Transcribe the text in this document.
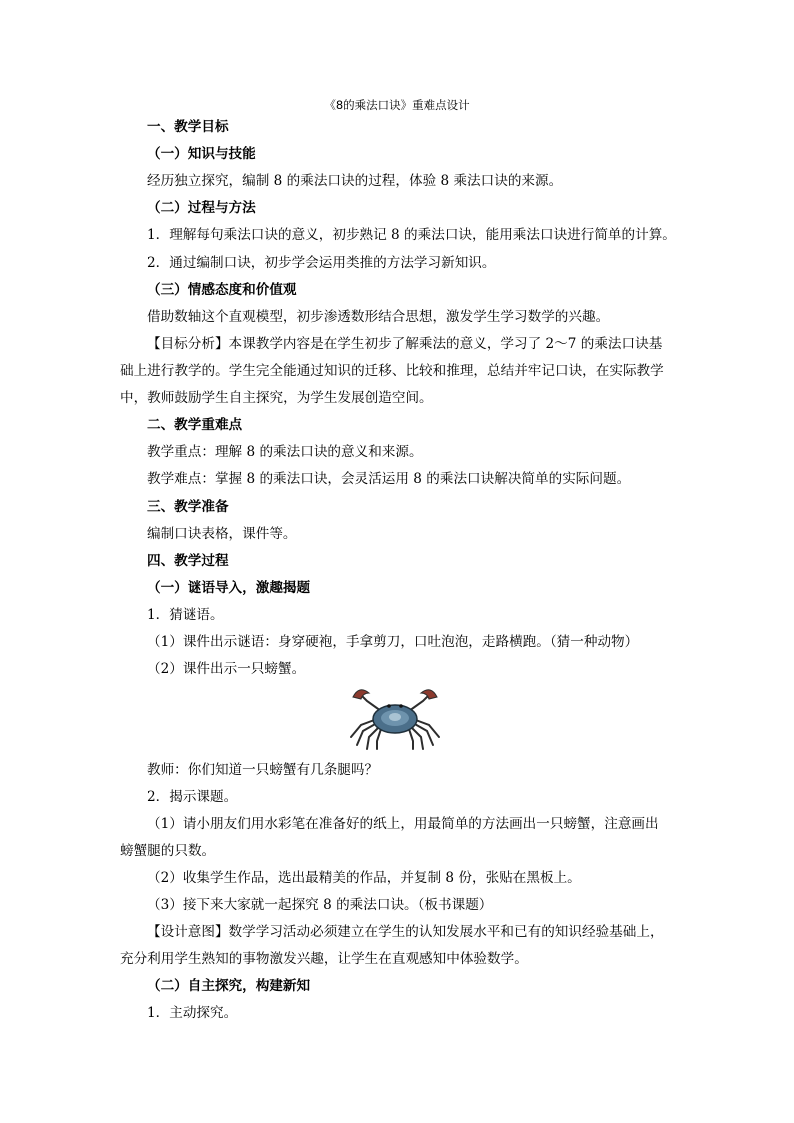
《8的乘法口诀》重难点设计
一、教学目标
（一）知识与技能
经历独立探究，编制 8 的乘法口诀的过程，体验 8 乘法口诀的来源。
（二）过程与方法
1．理解每句乘法口诀的意义，初步熟记 8 的乘法口诀，能用乘法口诀进行简单的计算。
2．通过编制口诀，初步学会运用类推的方法学习新知识。
（三）情感态度和价值观
借助数轴这个直观模型，初步渗透数形结合思想，激发学生学习数学的兴趣。
【目标分析】本课教学内容是在学生初步了解乘法的意义，学习了 2～7 的乘法口诀基
础上进行教学的。学生完全能通过知识的迁移、比较和推理，总结并牢记口诀，在实际教学
中，教师鼓励学生自主探究，为学生发展创造空间。
二、教学重难点
教学重点：理解 8 的乘法口诀的意义和来源。
教学难点：掌握 8 的乘法口诀，会灵活运用 8 的乘法口诀解决简单的实际问题。
三、教学准备
编制口诀表格，课件等。
四、教学过程
（一）谜语导入，激趣揭题
1．猜谜语。
（1）课件出示谜语：身穿硬袍，手拿剪刀，口吐泡泡，走路横跑。（猜一种动物）
（2）课件出示一只螃蟹。
教师：你们知道一只螃蟹有几条腿吗？
2．揭示课题。
（1）请小朋友们用水彩笔在准备好的纸上，用最简单的方法画出一只螃蟹，注意画出
螃蟹腿的只数。
（2）收集学生作品，选出最精美的作品，并复制 8 份，张贴在黑板上。
（3）接下来大家就一起探究 8 的乘法口诀。（板书课题）
【设计意图】数学学习活动必须建立在学生的认知发展水平和已有的知识经验基础上，
充分利用学生熟知的事物激发兴趣，让学生在直观感知中体验数学。
（二）自主探究，构建新知
1．主动探究。
